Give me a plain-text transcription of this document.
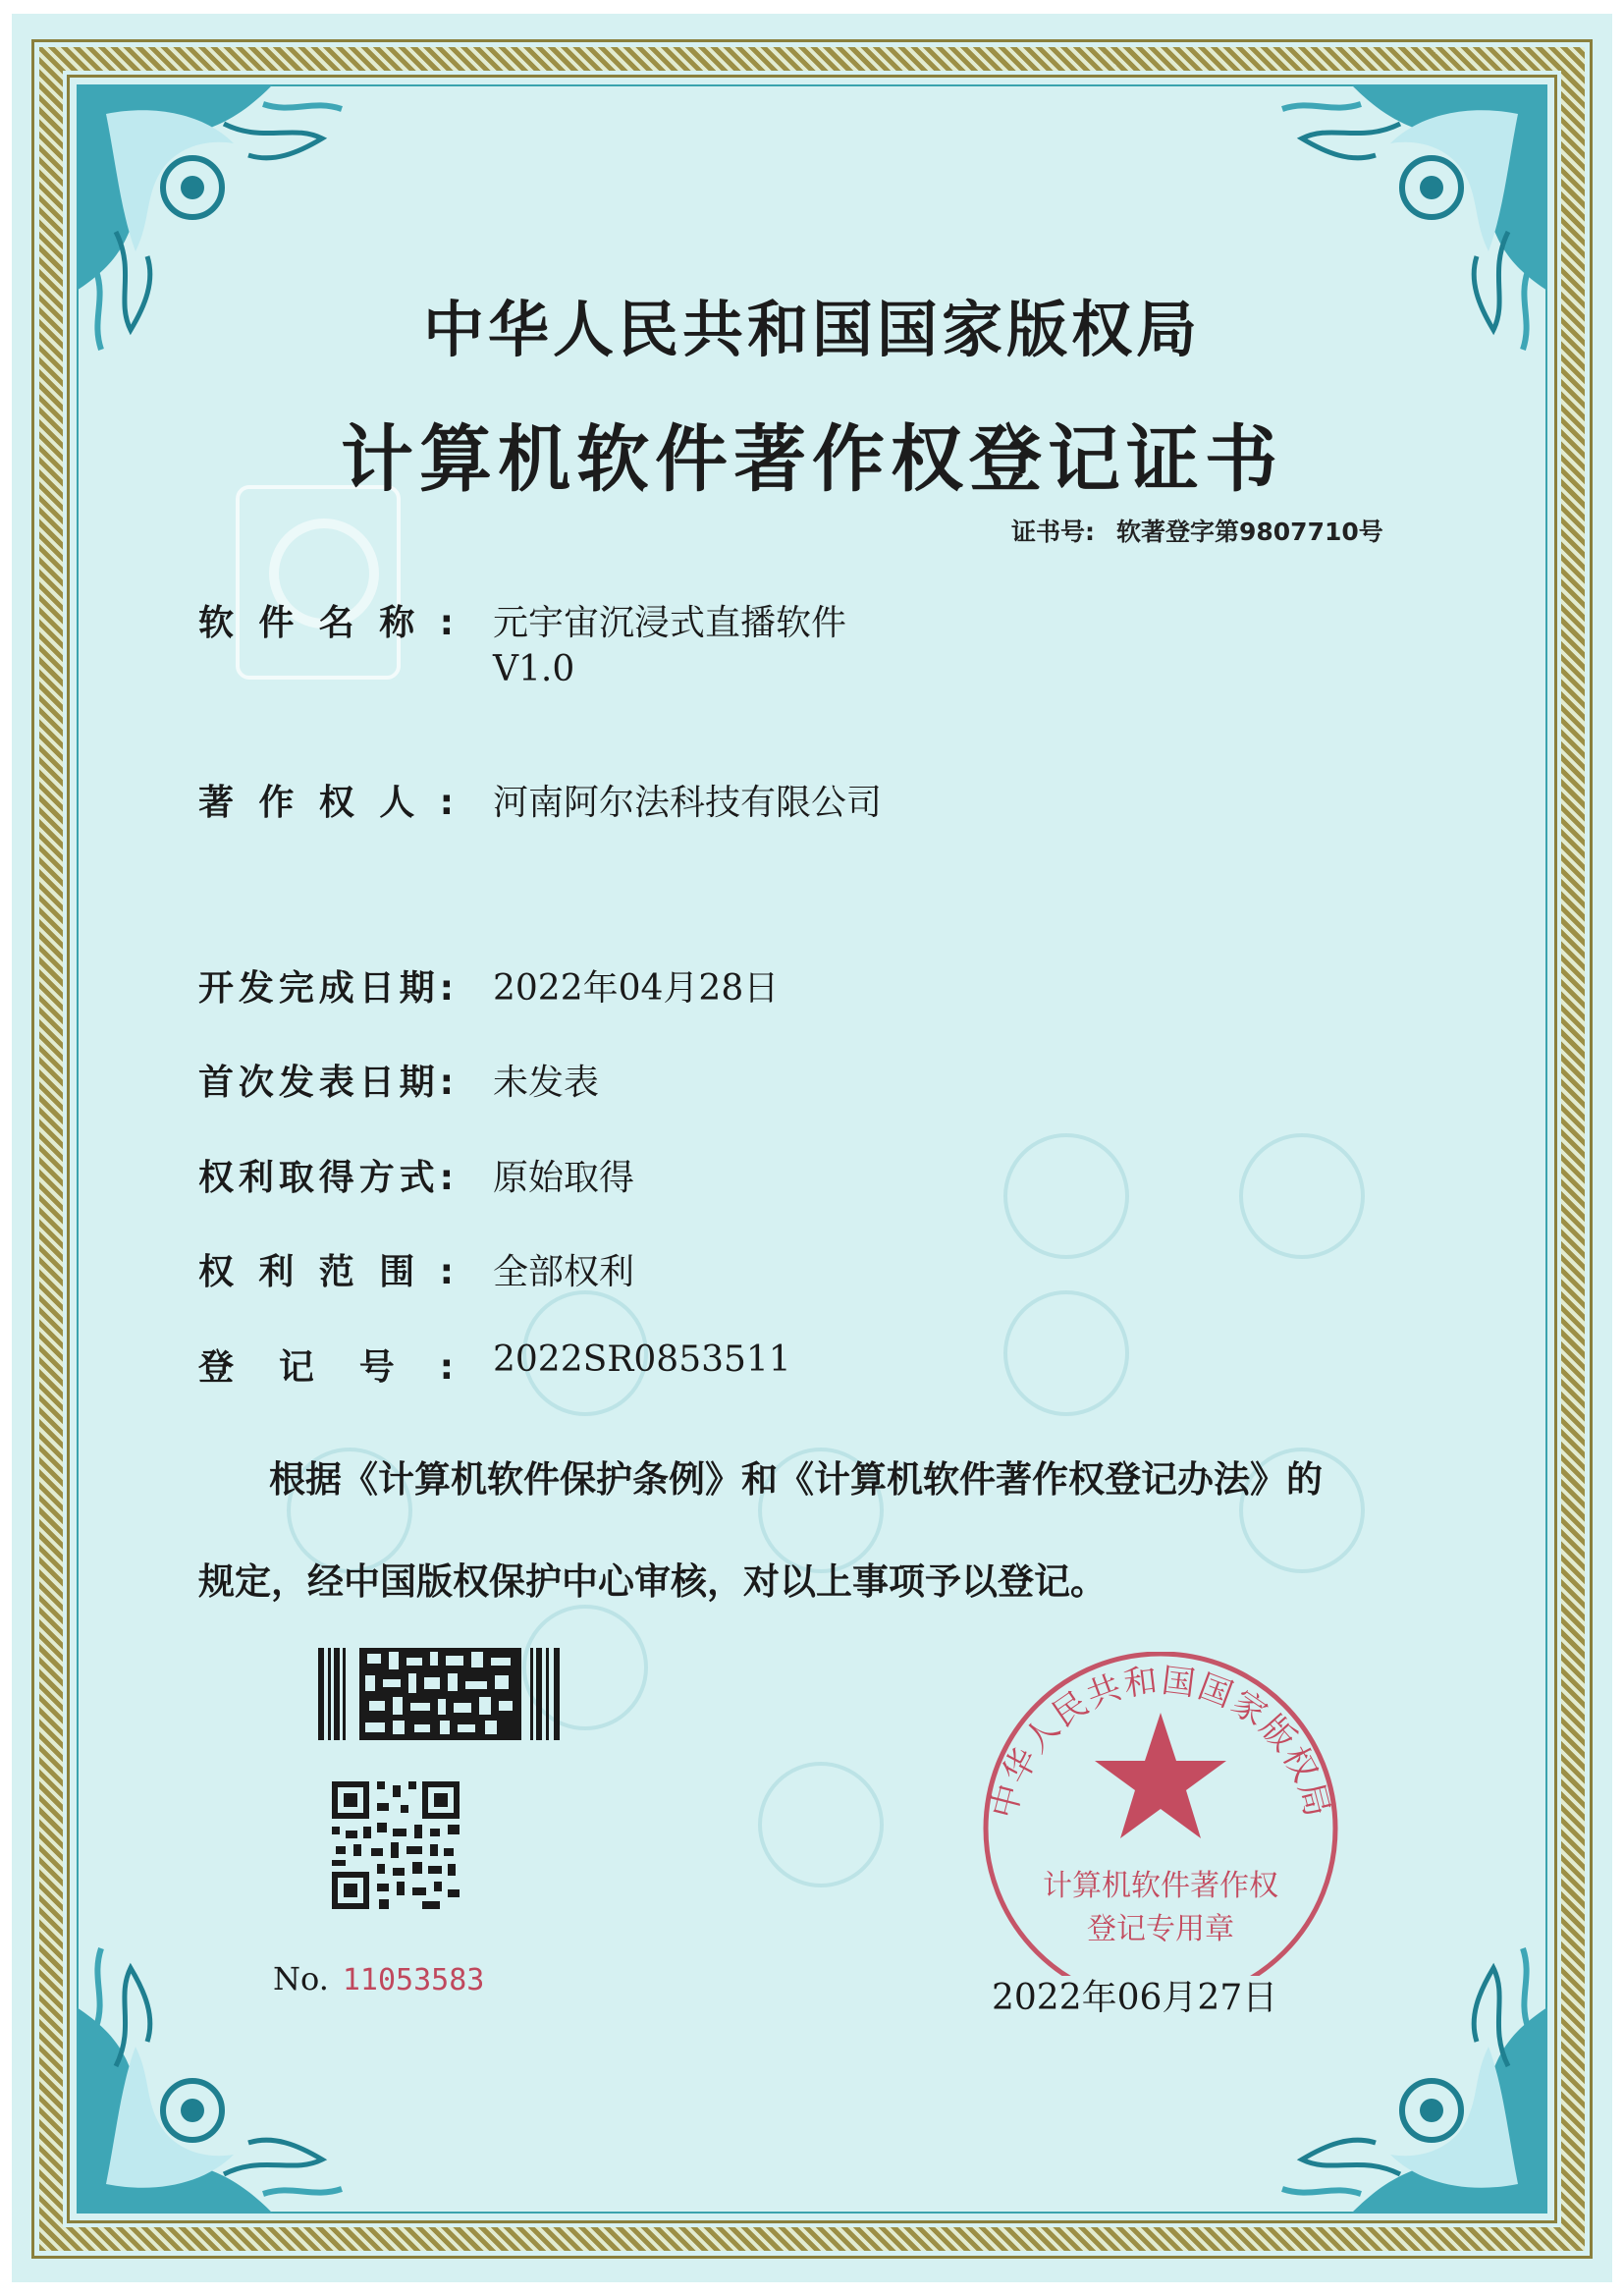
中华人民共和国国家版权局
计算机软件著作权登记证书
证书号: 软著登字第9807710号
软件名称: 元宇宙沉浸式直播软件
V1.0
著作权人: 河南阿尔法科技有限公司
开发完成日期: 2022年04月28日
首次发表日期: 未发表
权利取得方式: 原始取得
权利范围: 全部权利
登记号: 2022SR0853511
根据《计算机软件保护条例》和《计算机软件著作权登记办法》的
规定，经中国版权保护中心审核，对以上事项予以登记。
No. 11053583
中华人民共和国国家版权局
计算机软件著作权
登记专用章
2022年06月27日
